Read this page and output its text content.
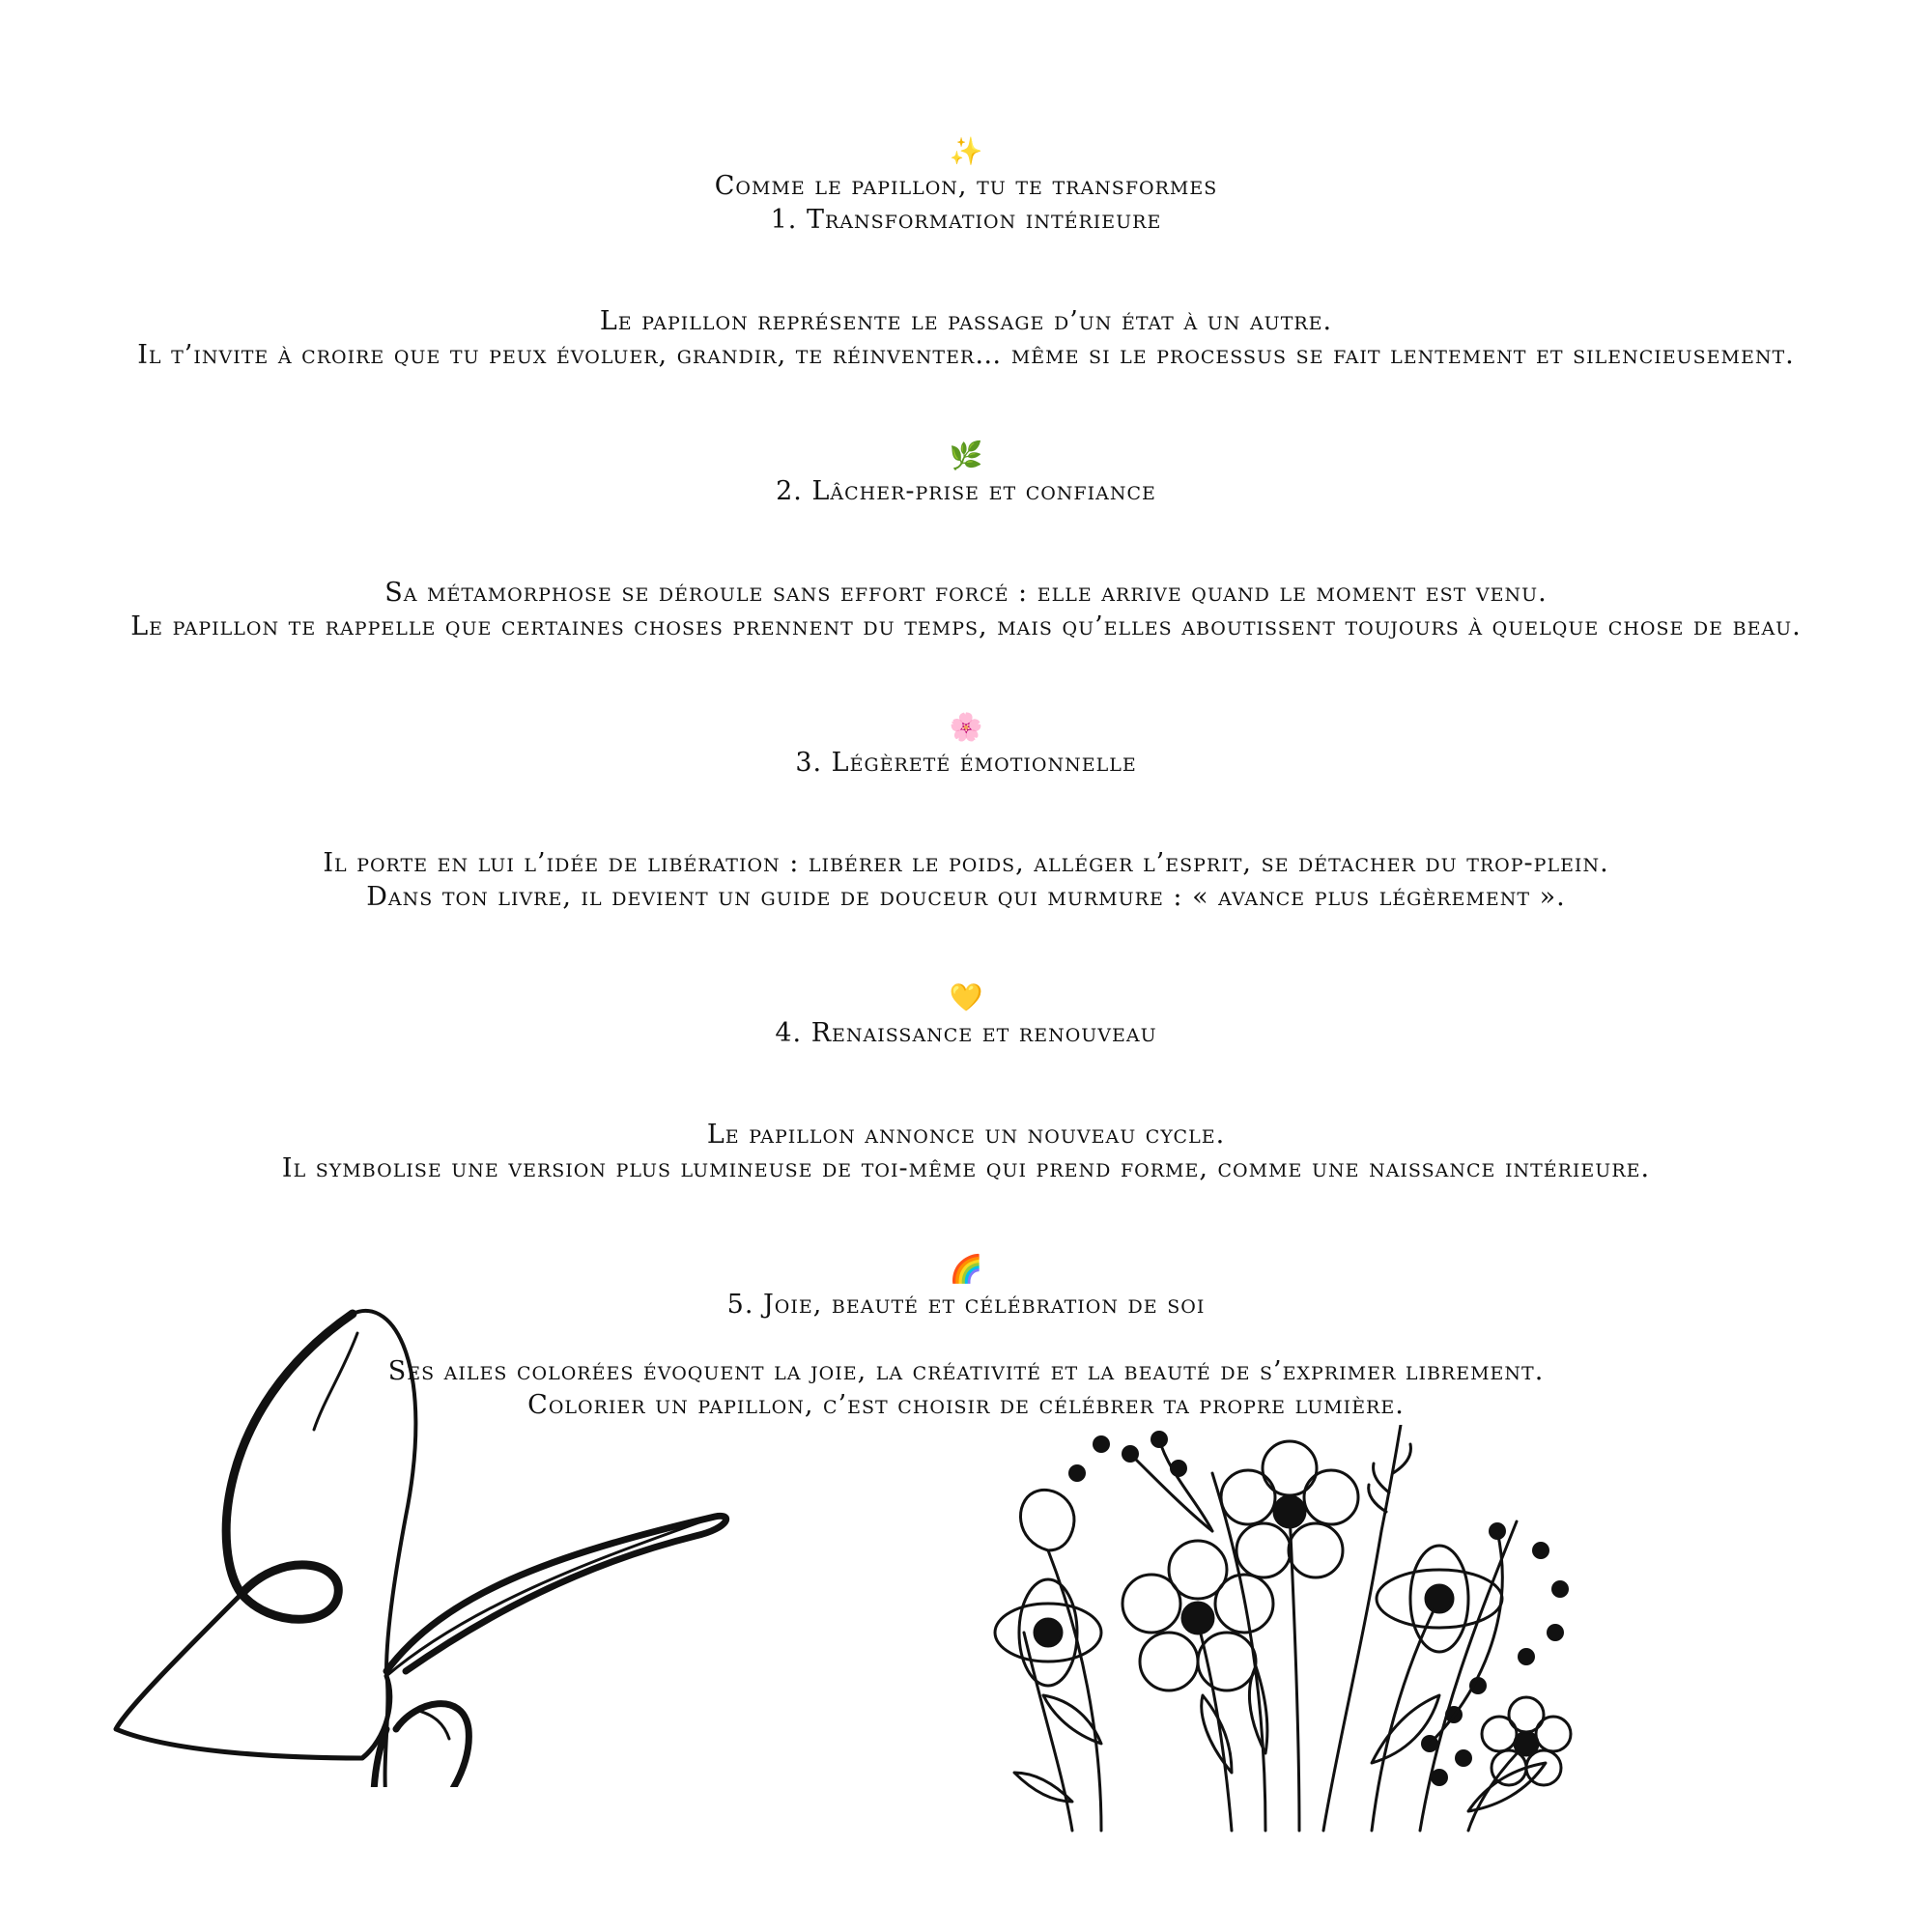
✨
Comme le papillon, tu te transformes
1. Transformation intérieure
Le papillon représente le passage d’un état à un autre.
Il t’invite à croire que tu peux évoluer, grandir, te réinventer… même si le processus se fait lentement et silencieusement.
🌿
2. Lâcher-prise et confiance
Sa métamorphose se déroule sans effort forcé : elle arrive quand le moment est venu.
Le papillon te rappelle que certaines choses prennent du temps, mais qu’elles aboutissent toujours à quelque chose de beau.
🌸
3. Légèreté émotionnelle
Il porte en lui l’idée de libération : libérer le poids, alléger l’esprit, se détacher du trop-plein.
Dans ton livre, il devient un guide de douceur qui murmure : « avance plus légèrement ».
💛
4. Renaissance et renouveau
Le papillon annonce un nouveau cycle.
Il symbolise une version plus lumineuse de toi-même qui prend forme, comme une naissance intérieure.
🌈
5. Joie, beauté et célébration de soi
Ses ailes colorées évoquent la joie, la créativité et la beauté de s’exprimer librement.
Colorier un papillon, c’est choisir de célébrer ta propre lumière.
